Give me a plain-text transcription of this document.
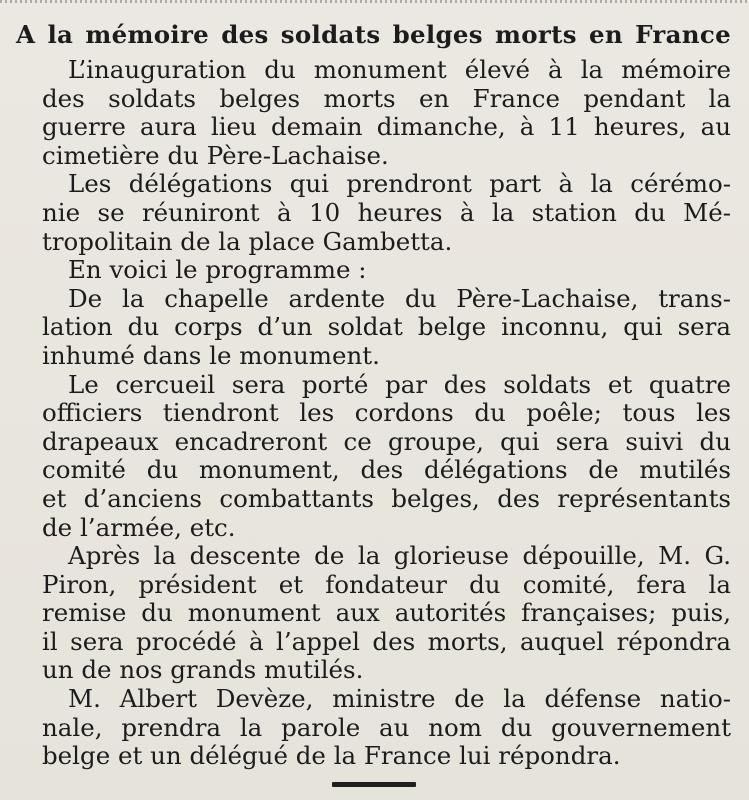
A la mémoire des soldats belges morts en France

L’inauguration du monument élevé à la mémoire
des soldats belges morts en France pendant la
guerre aura lieu demain dimanche, à 11 heures, au
cimetière du Père-Lachaise.

Les délégations qui prendront part à la cérémo-
nie se réuniront à 10 heures à la station du Mé-
tropolitain de la place Gambetta.

En voici le programme :

De la chapelle ardente du Père-Lachaise, trans-
lation du corps d’un soldat belge inconnu, qui sera
inhumé dans le monument.

Le cercueil sera porté par des soldats et quatre
officiers tiendront les cordons du poêle; tous les
drapeaux encadreront ce groupe, qui sera suivi du
comité du monument, des délégations de mutilés
et d’anciens combattants belges, des représentants
de l’armée, etc.

Après la descente de la glorieuse dépouille, M. G.
Piron, président et fondateur du comité, fera la
remise du monument aux autorités françaises; puis,
il sera procédé à l’appel des morts, auquel répondra
un de nos grands mutilés.

M. Albert Devèze, ministre de la défense natio-
nale, prendra la parole au nom du gouvernement
belge et un délégué de la France lui répondra.
